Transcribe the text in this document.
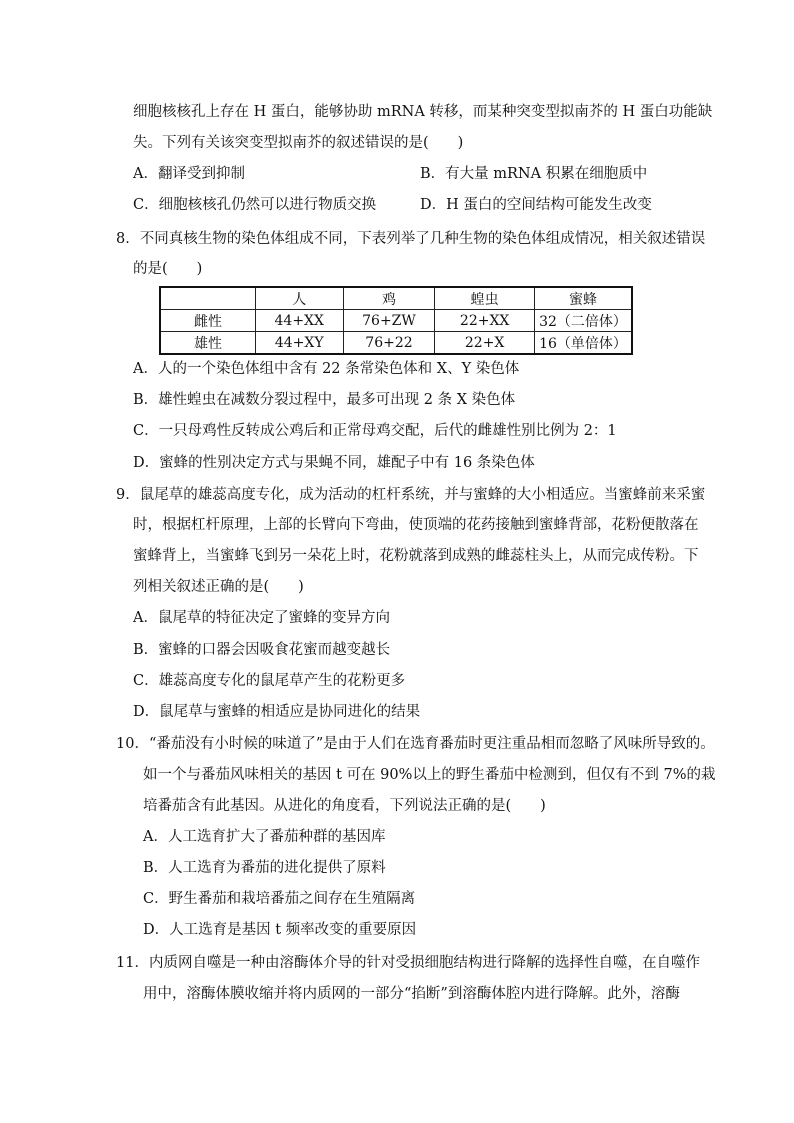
细胞核核孔上存在 H 蛋白，能够协助 mRNA 转移，而某种突变型拟南芥的 H 蛋白功能缺
失。下列有关该突变型拟南芥的叙述错误的是(　　)
A．翻译受到抑制	B．有大量 mRNA 积累在细胞质中
C．细胞核核孔仍然可以进行物质交换	D．H 蛋白的空间结构可能发生改变
8．不同真核生物的染色体组成不同，下表列举了几种生物的染色体组成情况，相关叙述错误
的是(　　)
	人	鸡	蝗虫	蜜蜂
雌性	44+XX	76+ZW	22+XX	32（二倍体）
雄性	44+XY	76+22	22+X	16（单倍体）
A．人的一个染色体组中含有 22 条常染色体和 X、Y 染色体
B．雄性蝗虫在减数分裂过程中，最多可出现 2 条 X 染色体
C．一只母鸡性反转成公鸡后和正常母鸡交配，后代的雌雄性别比例为 2：1
D．蜜蜂的性别决定方式与果蝇不同，雄配子中有 16 条染色体
9．鼠尾草的雄蕊高度专化，成为活动的杠杆系统，并与蜜蜂的大小相适应。当蜜蜂前来采蜜
时，根据杠杆原理，上部的长臂向下弯曲，使顶端的花药接触到蜜蜂背部，花粉便散落在
蜜蜂背上，当蜜蜂飞到另一朵花上时，花粉就落到成熟的雌蕊柱头上，从而完成传粉。下
列相关叙述正确的是(　　)
A．鼠尾草的特征决定了蜜蜂的变异方向
B．蜜蜂的口器会因吸食花蜜而越变越长
C．雄蕊高度专化的鼠尾草产生的花粉更多
D．鼠尾草与蜜蜂的相适应是协同进化的结果
10．“番茄没有小时候的味道了”是由于人们在选育番茄时更注重品相而忽略了风味所导致的。
如一个与番茄风味相关的基因 t 可在 90%以上的野生番茄中检测到，但仅有不到 7%的栽
培番茄含有此基因。从进化的角度看，下列说法正确的是(　　)
A．人工选育扩大了番茄种群的基因库
B．人工选育为番茄的进化提供了原料
C．野生番茄和栽培番茄之间存在生殖隔离
D．人工选育是基因 t 频率改变的重要原因
11．内质网自噬是一种由溶酶体介导的针对受损细胞结构进行降解的选择性自噬，在自噬作
用中，溶酶体膜收缩并将内质网的一部分“掐断”到溶酶体腔内进行降解。此外，溶酶
